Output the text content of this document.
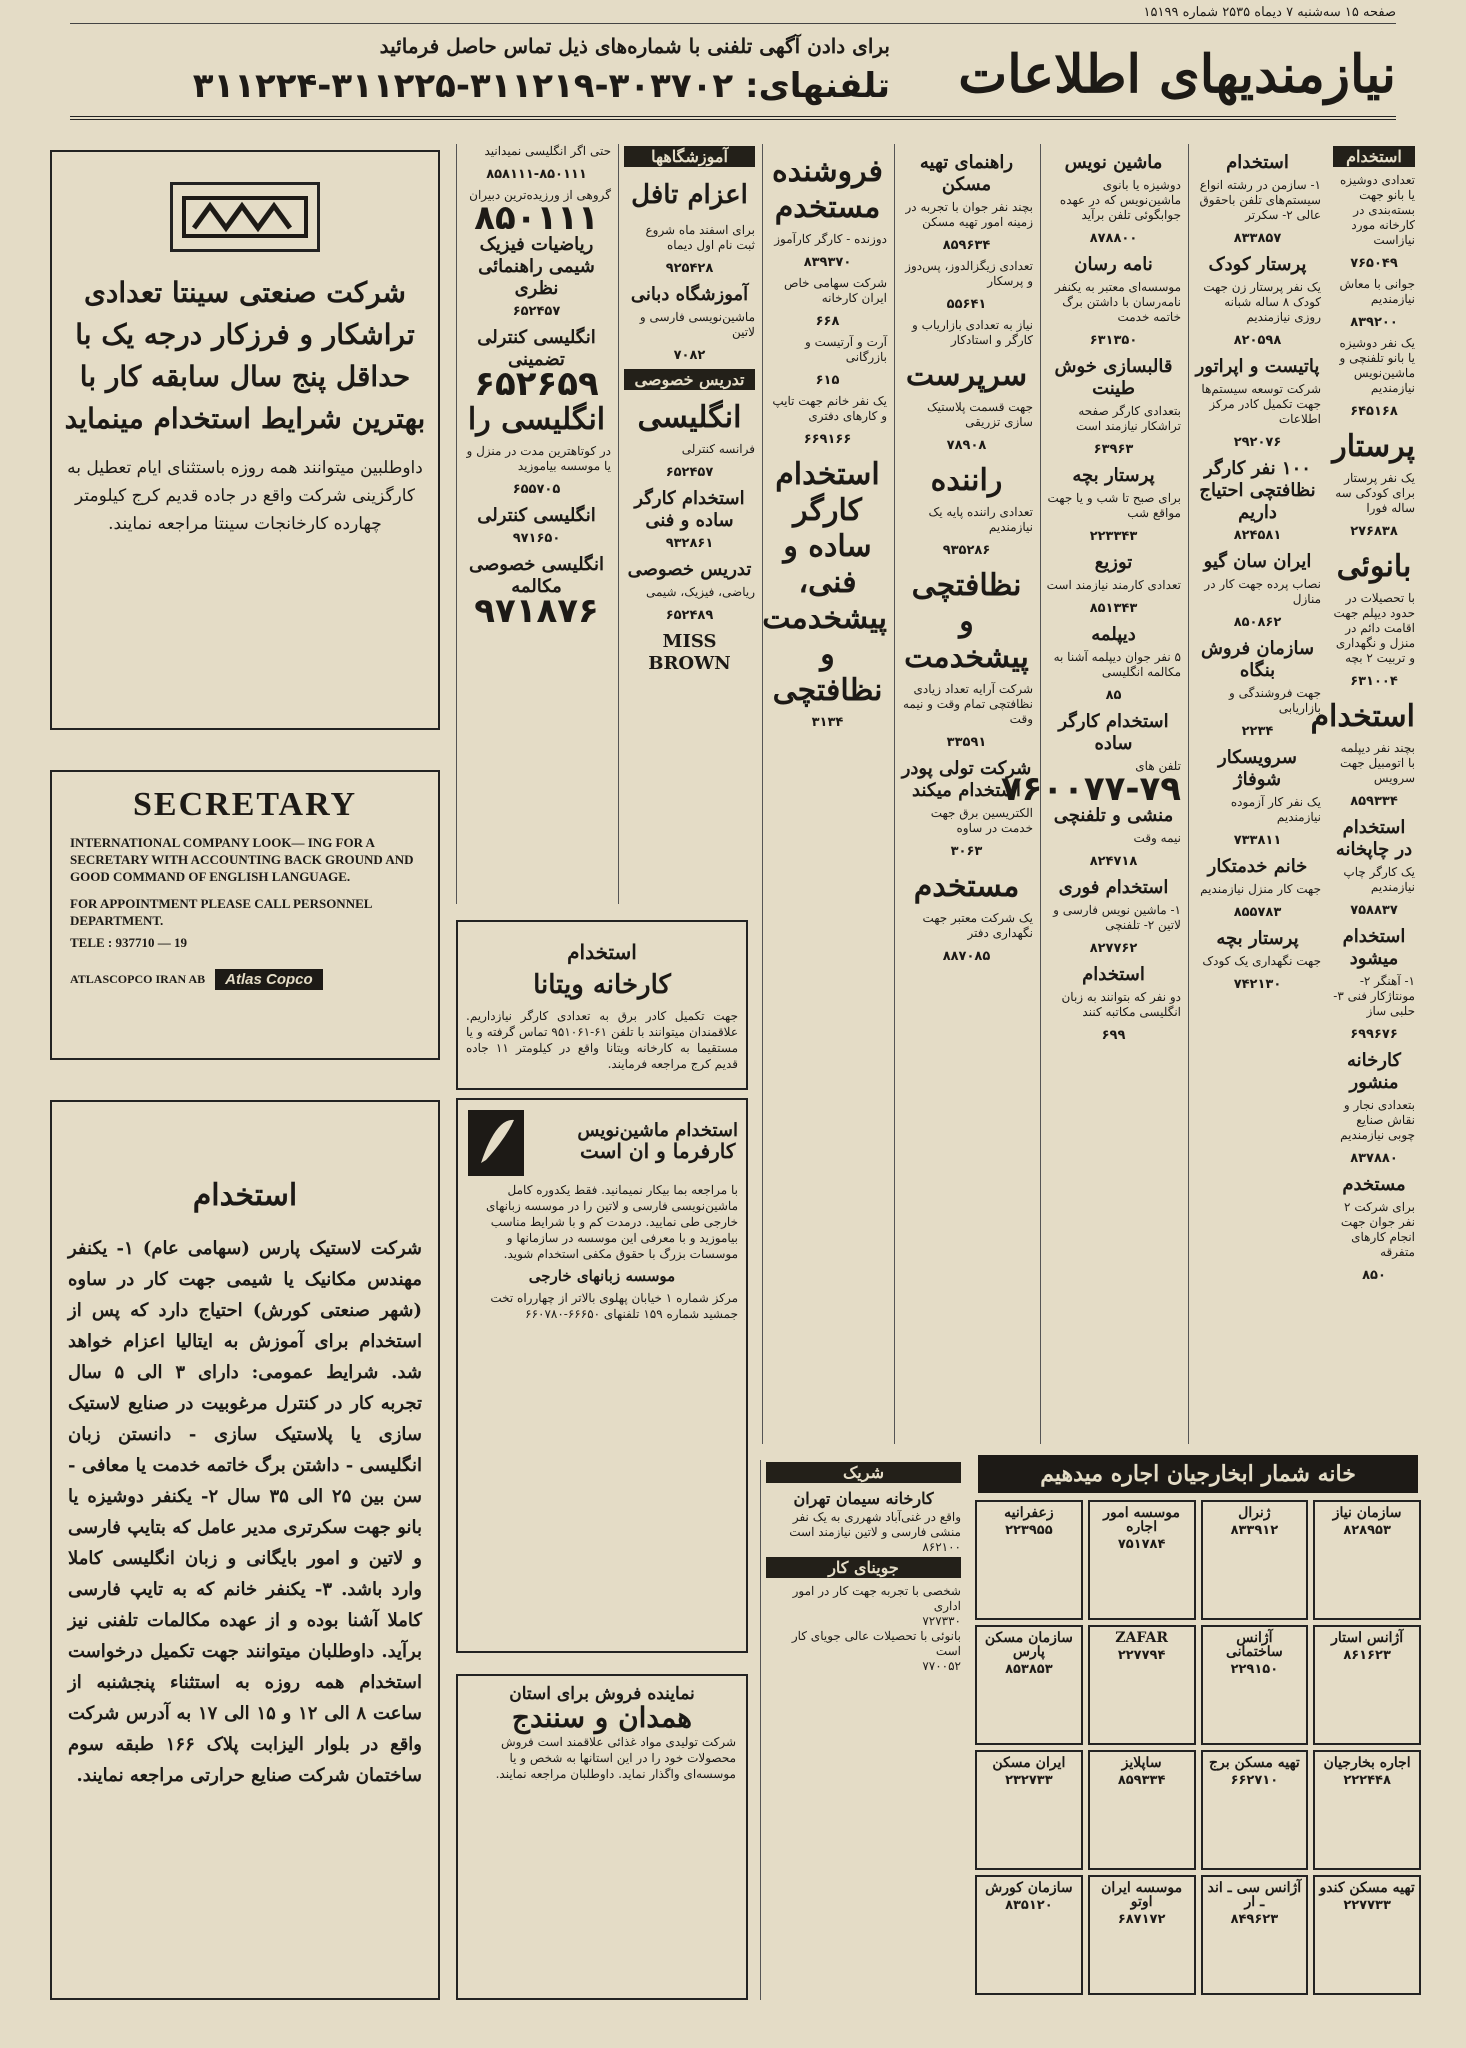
صفحه ۱۵ سه‌شنبه ۷ دیماه ۲۵۳۵ شماره ۱۵۱۹۹
نیازمندیهای اطلاعات
برای دادن آگهی تلفنی با شماره‌های ذیل تماس حاصل فرمائید
تلفنهای: ۳۰۳۷۰۲-۳۱۱۲۱۹-۳۱۱۲۲۵-۳۱۱۲۲۴
استخدام

تعدادی دوشیزه یا بانو جهت بسته‌بندی در کارخانه مورد نیازاست

۷۶۵۰۴۹

جوانی با معاش نیازمندیم

۸۳۹۲۰۰

یک نفر دوشیزه یا بانو تلفنچی و ماشین‌نویس نیازمندیم

۶۴۵۱۶۸
پرستار

یک نفر پرستار برای کودکی سه ساله فورا

۲۷۶۸۳۸
بانوئی

با تحصیلات در حدود دیپلم جهت اقامت دائم در منزل و نگهداری و تربیت ۲ بچه

۶۳۱۰۰۴
استخدام

بچند نفر دیپلمه با اتومبیل جهت سرویس

۸۵۹۳۳۴
استخدام در چاپخانه

یک کارگر چاپ نیازمندیم

۷۵۸۸۳۷
استخدام میشود

۱- آهنگر ۲- مونتاژکار فنی ۳- حلبی ساز

۶۹۹۶۷۶
کارخانه منشور

بتعدادی نجار و نقاش صنایع چوبی نیازمندیم

۸۳۷۸۸۰
مستخدم

برای شرکت ۲ نفر جوان جهت انجام کارهای متفرقه

۸۵۰
استخدام

۱- سازمن در رشته انواع سیستم‌های تلفن باحقوق عالی ۲- سکرتر

۸۳۳۸۵۷
پرستار کودک

یک نفر پرستار زن جهت کودک ۸ ساله شبانه روزی نیازمندیم

۸۲۰۵۹۸
پاتیست و اپراتور

شرکت توسعه سیستم‌ها جهت تکمیل کادر مرکز اطلاعات

۲۹۲۰۷۶
۱۰۰ نفر کارگر نظافتچی احتیاج داریم
۸۲۴۵۸۱
ایران سان گیو

نصاب پرده جهت کار در منازل

۸۵۰۸۶۲
سازمان فروش بنگاه

جهت فروشندگی و بازاریابی

۲۲۳۴
سرویسکار شوفاژ

یک نفر کار آزموده نیازمندیم

۷۳۳۸۱۱
خانم خدمتکار

جهت کار منزل نیازمندیم

۸۵۵۷۸۳
پرستار بچه

جهت نگهداری یک کودک

۷۴۲۱۳۰
ماشین نویس

دوشیزه یا بانوی ماشین‌نویس که در عهده جوابگوئی تلفن برآید

۸۷۸۸۰۰
نامه رسان

موسسه‌ای معتبر به یکنفر نامه‌رسان با داشتن برگ خاتمه خدمت

۶۳۱۳۵۰
قالبسازی خوش طینت

بتعدادی کارگر صفحه تراشکار نیازمند است

۶۳۹۶۳
پرستار بچه

برای صبح تا شب و یا جهت مواقع شب

۲۲۳۳۴۳
توزیع

تعدادی کارمند نیازمند است

۸۵۱۳۴۳
دیپلمه

۵ نفر جوان دیپلمه آشنا به مکالمه انگلیسی

۸۵
استخدام کارگر ساده

تلفن های

۷۶۰۰۷۷-۷۹
منشی و تلفنچی

نیمه وقت

۸۲۴۷۱۸
استخدام فوری

۱- ماشین نویس فارسی و لاتین ۲- تلفنچی

۸۲۷۷۶۲
استخدام

دو نفر که بتوانند به زبان انگلیسی مکاتبه کنند

۶۹۹
راهنمای تهیه مسکن

بچند نفر جوان با تجربه در زمینه امور تهیه مسکن

۸۵۹۶۳۴

تعدادی زیگزالدوز، پس‌دوز و پرسکار

۵۵۶۴۱

نیاز به تعدادی بازاریاب و کارگر و استادکار

سرپرست

جهت قسمت پلاستیک سازی تزریقی

۷۸۹۰۸
راننده

تعدادی راننده پایه یک نیازمندیم

۹۳۵۲۸۶
نظافتچی و پیشخدمت

شرکت آرایه تعداد زیادی نظافتچی تمام وقت و نیمه وقت

۳۳۵۹۱
شرکت تولی پودر استخدام میکند

الکتریسین برق جهت خدمت در ساوه

۳۰۶۳
مستخدم

یک شرکت معتبر جهت نگهداری دفتر

۸۸۷۰۸۵
فروشنده مستخدم

دوزنده - کارگر کارآموز

۸۳۹۳۷۰

شرکت سهامی خاص ایران کارخانه

۶۶۸

آرت و آرتیست و بازرگانی

۶۱۵

یک نفر خانم جهت تایپ و کارهای دفتری

۶۶۹۱۶۶
استخدام کارگر ساده و فنی، پیشخدمت و نظافتچی
۳۱۳۴
آموزشگاهها
اعزام تافل

برای اسفند ماه شروع ثبت نام اول دیماه

۹۲۵۴۲۸
آموزشگاه دبانی

ماشین‌نویسی فارسی و لاتین

۷۰۸۲
تدریس خصوصی
انگلیسی

فرانسه کنترلی

۶۵۲۴۵۷
استخدام کارگر ساده و فنی
۹۳۲۸۶۱
تدریس خصوصی

ریاضی، فیزیک، شیمی

۶۵۲۴۸۹
MISS BROWN

حتی اگر انگلیسی نمیدانید

۸۵۸۱۱۱-۸۵۰۱۱۱

گروهی از ورزیده‌ترین دبیران

۸۵۰۱۱۱
ریاضیات فیزیک شیمی راهنمائی نظری
۶۵۲۴۵۷
انگلیسی کنترلی تضمینی
۶۵۲۶۵۹
انگلیسی را

در کوتاهترین مدت در منزل و یا موسسه بیاموزید

۶۵۵۷۰۵
انگلیسی کنترلی
۹۷۱۶۵۰
انگلیسی خصوصی مکالمه
۹۷۱۸۷۶
شرکت صنعتی سینتا تعدادی تراشکار و فرزکار درجه یک با حداقل پنج سال سابقه کار با بهترین شرایط استخدام مینماید
داوطلبین میتوانند همه روزه باستثنای ایام تعطیل به کارگزینی شرکت واقع در جاده قدیم کرج کیلومتر چهارده کارخانجات سینتا مراجعه نمایند.
SECRETARY
INTERNATIONAL COMPANY LOOK— ING FOR A SECRETARY WITH ACCOUNTING BACK GROUND AND GOOD COMMAND OF ENGLISH LANGUAGE.
FOR APPOINTMENT PLEASE CALL PERSONNEL DEPARTMENT.
TELE : 937710 — 19
ATLASCOPCO IRAN AB	Atlas Copco
استخدام
شرکت لاستیک پارس (سهامی عام) ۱- یکنفر مهندس مکانیک یا شیمی جهت کار در ساوه (شهر صنعتی کورش) احتیاج دارد که پس از استخدام برای آموزش به ایتالیا اعزام خواهد شد. شرایط عمومی: دارای ۳ الی ۵ سال تجربه کار در کنترل مرغوبیت در صنایع لاستیک سازی یا پلاستیک سازی - دانستن زبان انگلیسی - داشتن برگ خاتمه خدمت یا معافی - سن بین ۲۵ الی ۳۵ سال ۲- یکنفر دوشیزه یا بانو جهت سکرتری مدیر عامل که بتایپ فارسی و لاتین و امور بایگانی و زبان انگلیسی کاملا وارد باشد. ۳- یکنفر خانم که به تایپ فارسی کاملا آشنا بوده و از عهده مکالمات تلفنی نیز برآید. داوطلبان میتوانند جهت تکمیل درخواست استخدام همه روزه به استثناء پنجشنبه از ساعت ۸ الی ۱۲ و ۱۵ الی ۱۷ به آدرس شرکت واقع در بلوار الیزابت پلاک ۱۶۶ طبقه سوم ساختمان شرکت صنایع حرارتی مراجعه نمایند.
استخدام
کارخانه ویتانا
جهت تکمیل کادر برق به تعدادی کارگر نیازداریم. علاقمندان میتوانند با تلفن ۶۱-۹۵۱۰۶۱ تماس گرفته و یا مستقیما به کارخانه ویتانا واقع در کیلومتر ۱۱ جاده قدیم کرج مراجعه فرمایند.
استخدام ماشین‌نویس
کارفرما و ان است

با مراجعه بما بیکار نمیمانید. فقط یکدوره کامل ماشین‌نویسی فارسی و لاتین را در موسسه زبانهای خارجی طی نمایید. درمدت کم و با شرایط مناسب بیاموزید و با معرفی این موسسه در سازمانها و موسسات بزرگ با حقوق مکفی استخدام شوید.

موسسه زبانهای خارجی

مرکز شماره ۱ خیابان پهلوی بالاتر از چهارراه تخت جمشید شماره ۱۵۹ تلفنهای ۶۶۶۵۰-۶۶۰۷۸۰

نماینده فروش برای استان
همدان و سنندج

شرکت تولیدی مواد غذائی علاقمند است فروش محصولات خود را در این استانها به شخص و یا موسسه‌ای واگذار نماید. داوطلبان مراجعه نمایند.

شریک
کارخانه سیمان تهران

واقع در غنی‌آباد شهرری به یک نفر منشی فارسی و لاتین نیازمند است

۸۶۲۱۰۰
جوینای کار

شخصی با تجربه جهت کار در امور اداری

۷۲۷۳۳۰

بانوئی با تحصیلات عالی جویای کار است

۷۷۰۰۵۲
خانه شمار ابخارجیان اجاره میدهیم
زعفرانیه
۲۲۳۹۵۵
موسسه امور اجاره
۷۵۱۷۸۴
ژنرال
۸۳۳۹۱۲
سازمان نیاز
۸۲۸۹۵۳
سازمان مسکن پارس
۸۵۳۸۵۳
ZAFAR
۲۲۷۷۹۴
آژانس ساختمانی
۲۲۹۱۵۰
آژانس استار
۸۶۱۶۲۳
ایران مسکن
۲۳۲۷۳۳
ساپلایز
۸۵۹۳۳۴
تهیه مسکن برج
۶۶۲۷۱۰
اجاره بخارجیان
۲۲۲۴۴۸
سازمان کورش
۸۳۵۱۲۰
موسسه ایران اوتو
۶۸۷۱۷۲
آژانس سی ـ اند ـ ار
۸۴۹۶۲۳
تهیه مسکن کندو
۲۲۷۷۳۳
